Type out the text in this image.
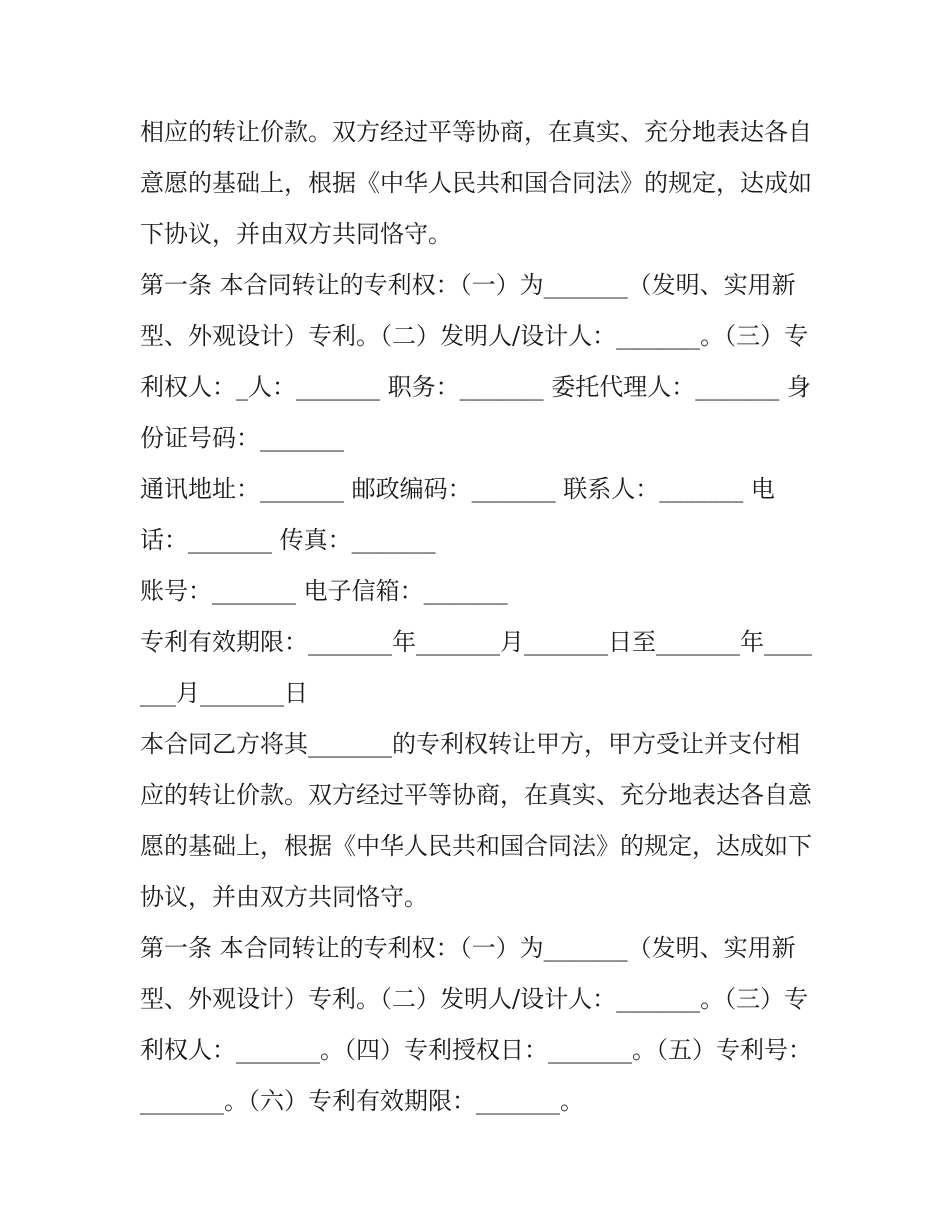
相应的转让价款。双方经过平等协商，在真实、充分地表达各自意愿的基础上，根据《中华人民共和国合同法》的规定，达成如下协议，并由双方共同恪守。

第一条 本合同转让的专利权：（一）为_______（发明、实用新型、外观设计）专利。（二）发明人/设计人：_______。（三）专利权人：_人：_______ 职务：_______ 委托代理人：_______ 身份证号码：_______

通讯地址：_______ 邮政编码：_______ 联系人：_______ 电话：_______ 传真：_______

账号：_______ 电子信箱：_______

专利有效期限：_______年_______月_______日至_______年_______月_______日

本合同乙方将其_______的专利权转让甲方，甲方受让并支付相应的转让价款。双方经过平等协商，在真实、充分地表达各自意愿的基础上，根据《中华人民共和国合同法》的规定，达成如下协议，并由双方共同恪守。

第一条 本合同转让的专利权：（一）为_______（发明、实用新型、外观设计）专利。（二）发明人/设计人：_______。（三）专利权人：_______。（四）专利授权日：_______。（五）专利号：_______。（六）专利有效期限：_______。
